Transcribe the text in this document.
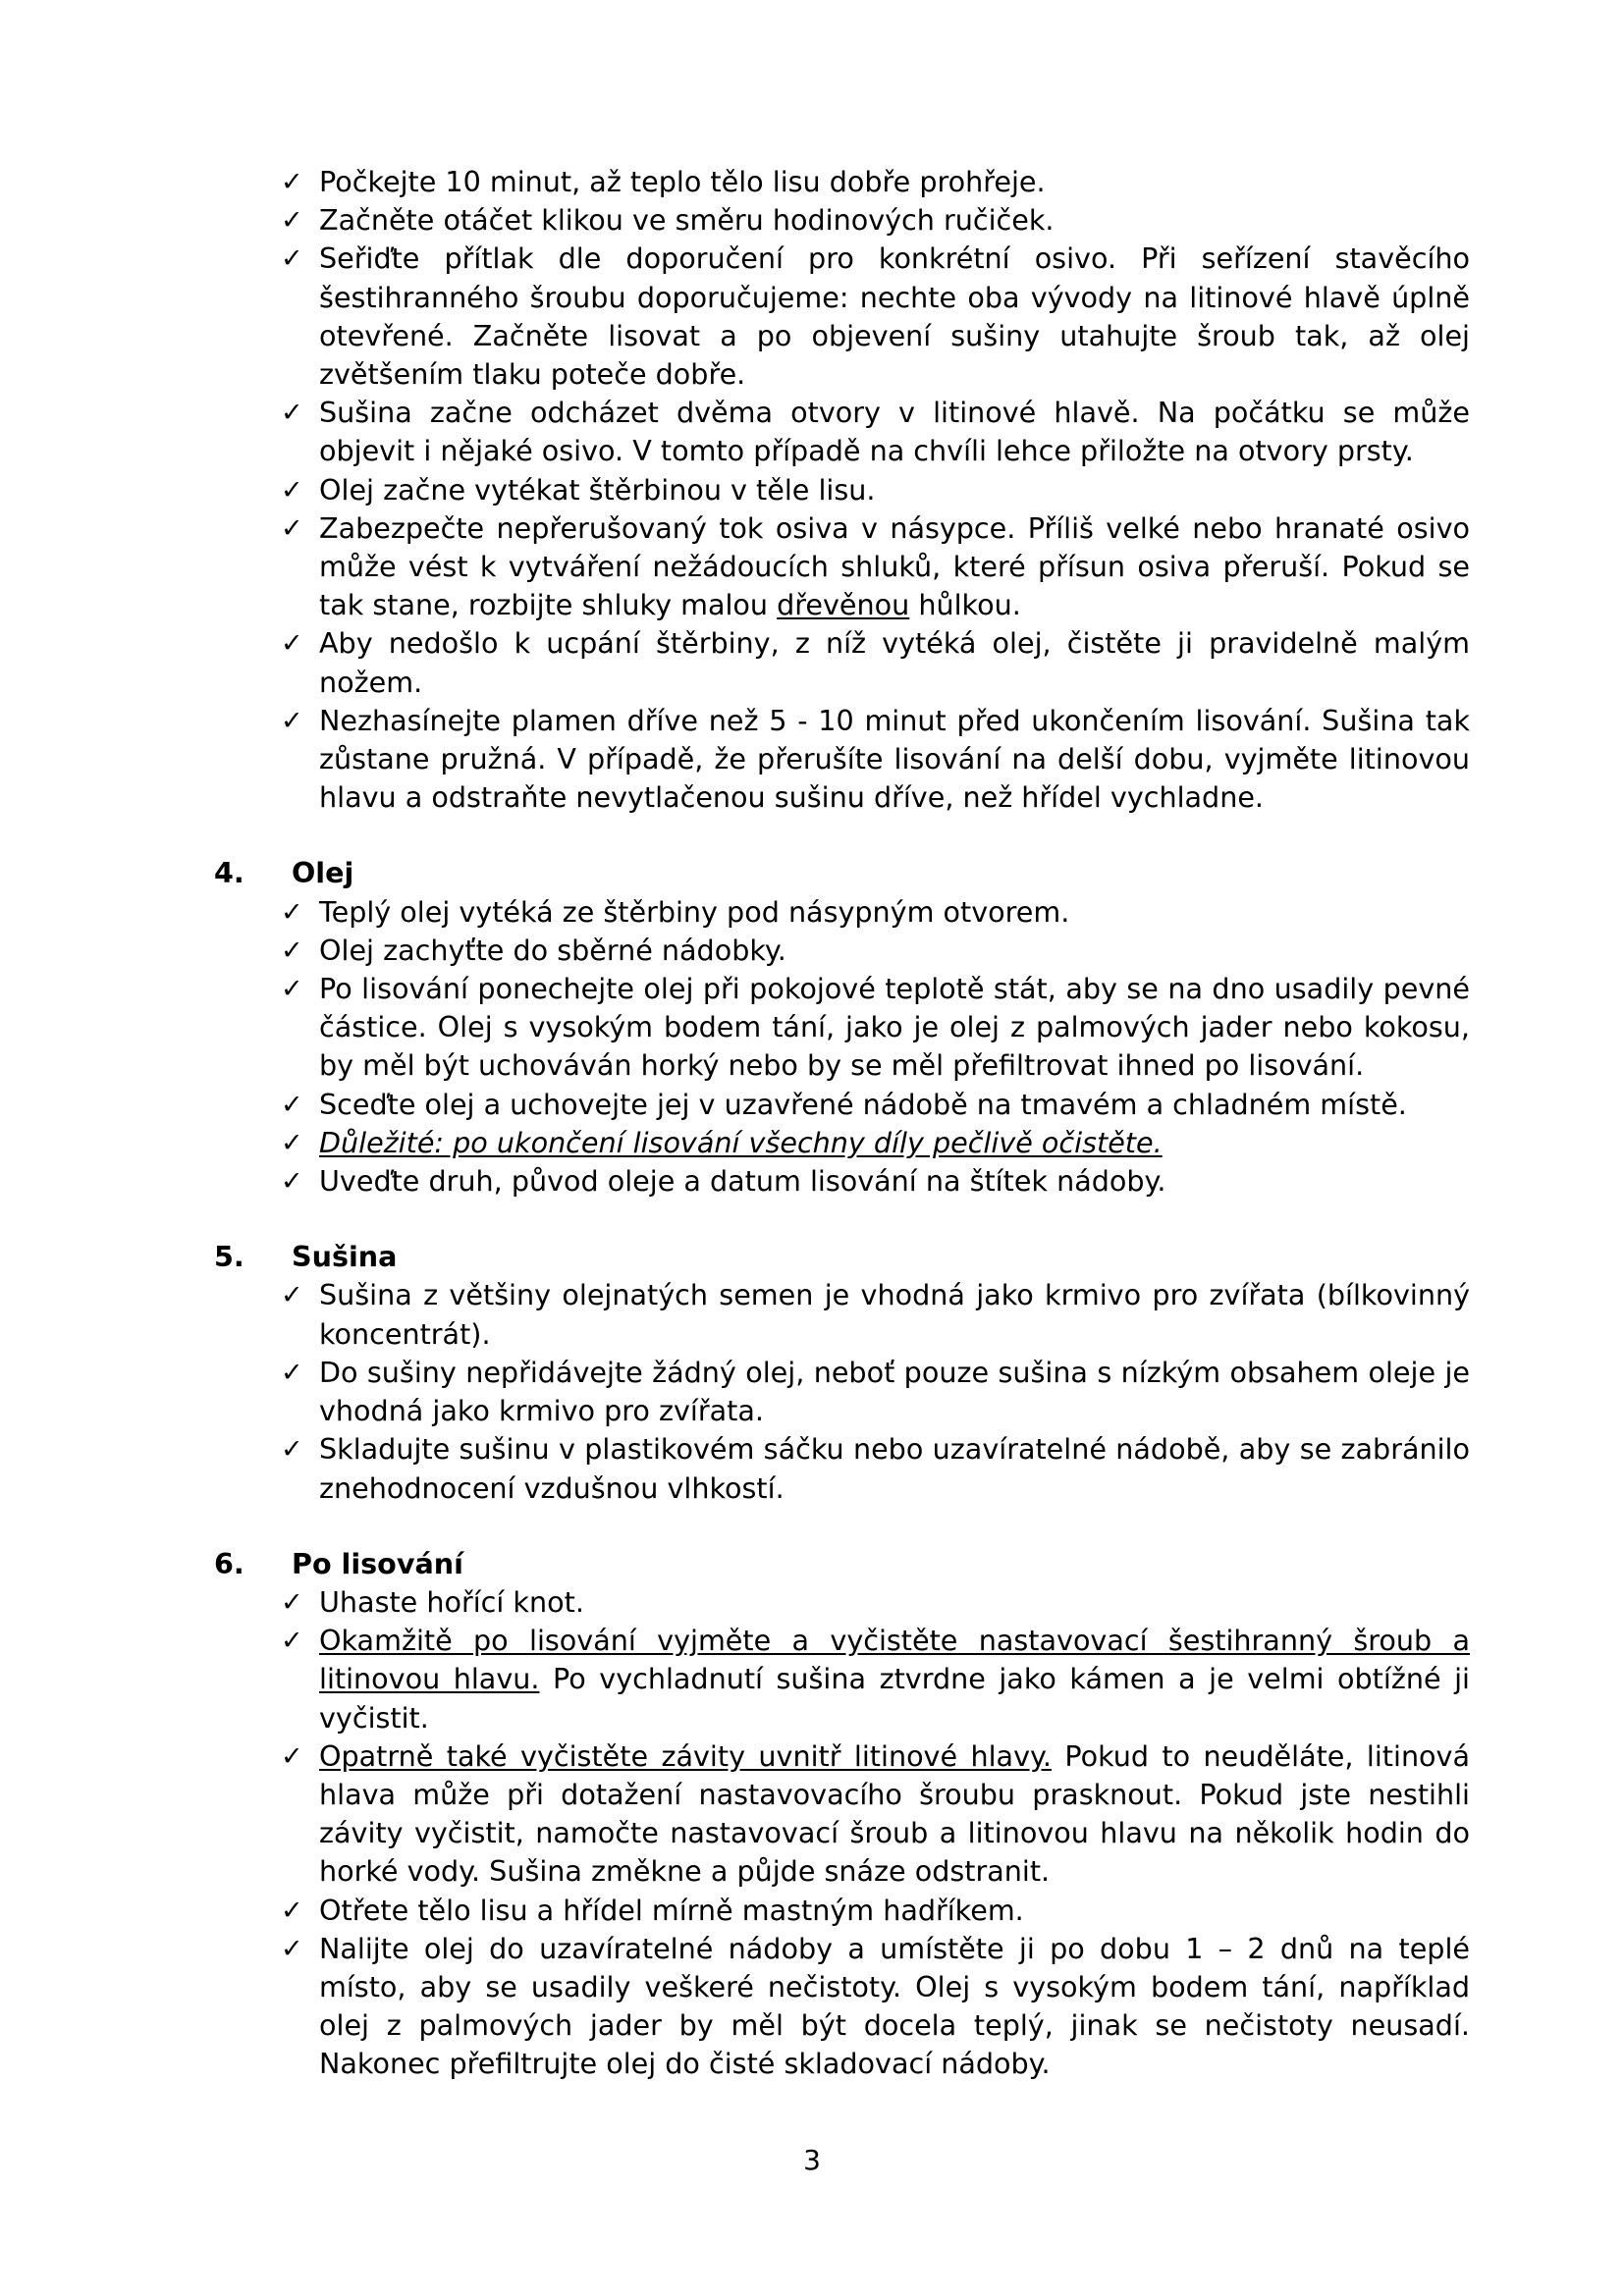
✓ Počkejte 10 minut, až teplo tělo lisu dobře prohřeje.
✓ Začněte otáčet klikou ve směru hodinových ručiček.
✓ Seřiďte přítlak dle doporučení pro konkrétní osivo. Při seřízení stavěcího šestihranného šroubu doporučujeme: nechte oba vývody na litinové hlavě úplně otevřené. Začněte lisovat a po objevení sušiny utahujte šroub tak, až olej zvětšením tlaku poteče dobře.
✓ Sušina začne odcházet dvěma otvory v litinové hlavě. Na počátku se může objevit i nějaké osivo. V tomto případě na chvíli lehce přiložte na otvory prsty.
✓ Olej začne vytékat štěrbinou v těle lisu.
✓ Zabezpečte nepřerušovaný tok osiva v násypce. Příliš velké nebo hranaté osivo může vést k vytváření nežádoucích shluků, které přísun osiva přeruší. Pokud se tak stane, rozbijte shluky malou dřevěnou hůlkou.
✓ Aby nedošlo k ucpání štěrbiny, z níž vytéká olej, čistěte ji pravidelně malým nožem.
✓ Nezhasínejte plamen dříve než 5 - 10 minut před ukončením lisování. Sušina tak zůstane pružná. V případě, že přerušíte lisování na delší dobu, vyjměte litinovou hlavu a odstraňte nevytlačenou sušinu dříve, než hřídel vychladne.
4. Olej
✓ Teplý olej vytéká ze štěrbiny pod násypným otvorem.
✓ Olej zachyťte do sběrné nádobky.
✓ Po lisování ponechejte olej při pokojové teplotě stát, aby se na dno usadily pevné částice. Olej s vysokým bodem tání, jako je olej z palmových jader nebo kokosu, by měl být uchováván horký nebo by se měl přefiltrovat ihned po lisování.
✓ Sceďte olej a uchovejte jej v uzavřené nádobě na tmavém a chladném místě.
✓ Důležité: po ukončení lisování všechny díly pečlivě očistěte.
✓ Uveďte druh, původ oleje a datum lisování na štítek nádoby.
5. Sušina
✓ Sušina z většiny olejnatých semen je vhodná jako krmivo pro zvířata (bílkovinný koncentrát).
✓ Do sušiny nepřidávejte žádný olej, neboť pouze sušina s nízkým obsahem oleje je vhodná jako krmivo pro zvířata.
✓ Skladujte sušinu v plastikovém sáčku nebo uzavíratelné nádobě, aby se zabránilo znehodnocení vzdušnou vlhkostí.
6. Po lisování
✓ Uhaste hořící knot.
✓ Okamžitě po lisování vyjměte a vyčistěte nastavovací šestihranný šroub a litinovou hlavu. Po vychladnutí sušina ztvrdne jako kámen a je velmi obtížné ji vyčistit.
✓ Opatrně také vyčistěte závity uvnitř litinové hlavy. Pokud to neuděláte, litinová hlava může při dotažení nastavovacího šroubu prasknout. Pokud jste nestihli závity vyčistit, namočte nastavovací šroub a litinovou hlavu na několik hodin do horké vody. Sušina změkne a půjde snáze odstranit.
✓ Otřete tělo lisu a hřídel mírně mastným hadříkem.
✓ Nalijte olej do uzavíratelné nádoby a umístěte ji po dobu 1 – 2 dnů na teplé místo, aby se usadily veškeré nečistoty. Olej s vysokým bodem tání, například olej z palmových jader by měl být docela teplý, jinak se nečistoty neusadí. Nakonec přefiltrujte olej do čisté skladovací nádoby.
3
